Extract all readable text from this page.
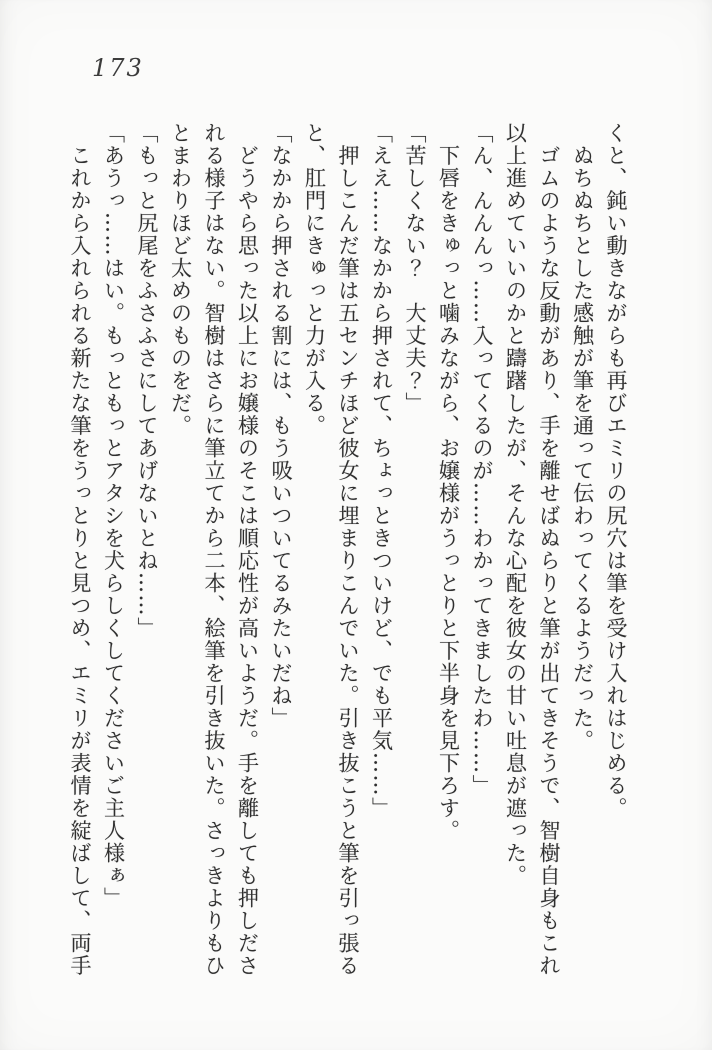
173

くと、鈍い動きながらも再びエミリの尻穴は筆を受け入れはじめる。

　ぬちぬちとした感触が筆を通って伝わってくるようだった。

　ゴムのような反動があり、手を離せばぬらりと筆が出てきそうで、智樹自身もこれ

以上進めていいのかと躊躇したが、そんな心配を彼女の甘い吐息が遮った。

「ん、んんんっ……入ってくるのが……わかってきましたわ……」

　下唇をきゅっと噛みながら、お嬢様がうっとりと下半身を見下ろす。

「苦しくない？　大丈夫？」

「ええ……なかから押されて、ちょっときついけど、でも平気……」

　押しこんだ筆は五センチほど彼女に埋まりこんでいた。引き抜こうと筆を引っ張る

と、肛門にきゅっと力が入る。

「なかから押される割には、もう吸いついてるみたいだね」

　どうやら思った以上にお嬢様のそこは順応性が高いようだ。手を離しても押しださ

れる様子はない。智樹はさらに筆立てから二本、絵筆を引き抜いた。さっきよりもひ

とまわりほど太めのものをだ。

「もっと尻尾をふさふさにしてあげないとね……」

「あうっ……はい。もっともっとアタシを犬らしくしてくださいご主人様ぁ」

　これから入れられる新たな筆をうっとりと見つめ、エミリが表情を綻ばして、両手
